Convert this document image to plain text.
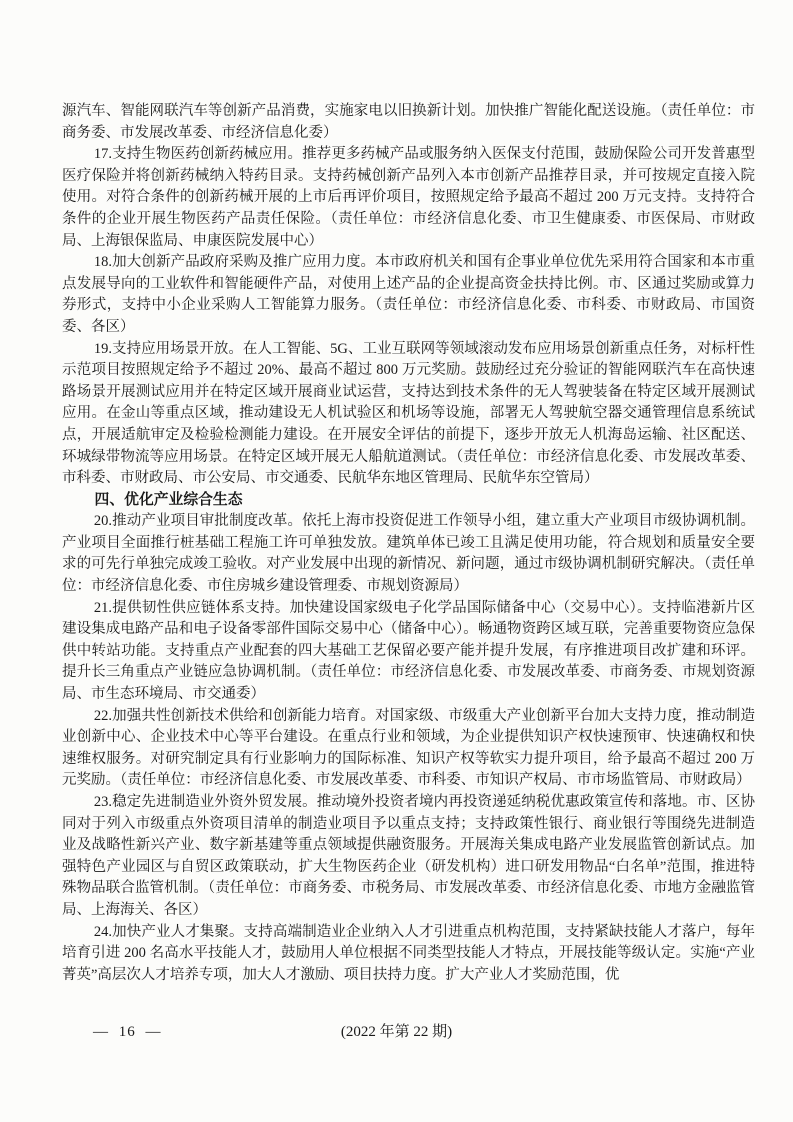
源汽车、智能网联汽车等创新产品消费，实施家电以旧换新计划。加快推广智能化配送设施。（责任单位：市商务委、市发展改革委、市经济信息化委）

17.支持生物医药创新药械应用。推荐更多药械产品或服务纳入医保支付范围，鼓励保险公司开发普惠型医疗保险并将创新药械纳入特药目录。支持药械创新产品列入本市创新产品推荐目录，并可按规定直接入院使用。对符合条件的创新药械开展的上市后再评价项目，按照规定给予最高不超过 200 万元支持。支持符合条件的企业开展生物医药产品责任保险。（责任单位：市经济信息化委、市卫生健康委、市医保局、市财政局、上海银保监局、申康医院发展中心）

18.加大创新产品政府采购及推广应用力度。本市政府机关和国有企事业单位优先采用符合国家和本市重点发展导向的工业软件和智能硬件产品，对使用上述产品的企业提高资金扶持比例。市、区通过奖励或算力券形式，支持中小企业采购人工智能算力服务。（责任单位：市经济信息化委、市科委、市财政局、市国资委、各区）

19.支持应用场景开放。在人工智能、5G、工业互联网等领域滚动发布应用场景创新重点任务，对标杆性示范项目按照规定给予不超过 20%、最高不超过 800 万元奖励。鼓励经过充分验证的智能网联汽车在高快速路场景开展测试应用并在特定区域开展商业试运营，支持达到技术条件的无人驾驶装备在特定区域开展测试应用。在金山等重点区域，推动建设无人机试验区和机场等设施，部署无人驾驶航空器交通管理信息系统试点，开展适航审定及检验检测能力建设。在开展安全评估的前提下，逐步开放无人机海岛运输、社区配送、环城绿带物流等应用场景。在特定区域开展无人船航道测试。（责任单位：市经济信息化委、市发展改革委、市科委、市财政局、市公安局、市交通委、民航华东地区管理局、民航华东空管局）

四、优化产业综合生态

20.推动产业项目审批制度改革。依托上海市投资促进工作领导小组，建立重大产业项目市级协调机制。产业项目全面推行桩基础工程施工许可单独发放。建筑单体已竣工且满足使用功能，符合规划和质量安全要求的可先行单独完成竣工验收。对产业发展中出现的新情况、新问题，通过市级协调机制研究解决。（责任单位：市经济信息化委、市住房城乡建设管理委、市规划资源局）

21.提供韧性供应链体系支持。加快建设国家级电子化学品国际储备中心（交易中心）。支持临港新片区建设集成电路产品和电子设备零部件国际交易中心（储备中心）。畅通物资跨区域互联，完善重要物资应急保供中转站功能。支持重点产业配套的四大基础工艺保留必要产能并提升发展，有序推进项目改扩建和环评。提升长三角重点产业链应急协调机制。（责任单位：市经济信息化委、市发展改革委、市商务委、市规划资源局、市生态环境局、市交通委）

22.加强共性创新技术供给和创新能力培育。对国家级、市级重大产业创新平台加大支持力度，推动制造业创新中心、企业技术中心等平台建设。在重点行业和领域，为企业提供知识产权快速预审、快速确权和快速维权服务。对研究制定具有行业影响力的国际标准、知识产权等软实力提升项目，给予最高不超过 200 万元奖励。（责任单位：市经济信息化委、市发展改革委、市科委、市知识产权局、市市场监管局、市财政局）

23.稳定先进制造业外资外贸发展。推动境外投资者境内再投资递延纳税优惠政策宣传和落地。市、区协同对于列入市级重点外资项目清单的制造业项目予以重点支持；支持政策性银行、商业银行等围绕先进制造业及战略性新兴产业、数字新基建等重点领域提供融资服务。开展海关集成电路产业发展监管创新试点。加强特色产业园区与自贸区政策联动，扩大生物医药企业（研发机构）进口研发用物品“白名单”范围，推进特殊物品联合监管机制。（责任单位：市商务委、市税务局、市发展改革委、市经济信息化委、市地方金融监管局、上海海关、各区）

24.加快产业人才集聚。支持高端制造业企业纳入人才引进重点机构范围，支持紧缺技能人才落户，每年培育引进 200 名高水平技能人才，鼓励用人单位根据不同类型技能人才特点，开展技能等级认定。实施“产业菁英”高层次人才培养专项，加大人才激励、项目扶持力度。扩大产业人才奖励范围，优

— 16 —	(2022 年第 22 期)
